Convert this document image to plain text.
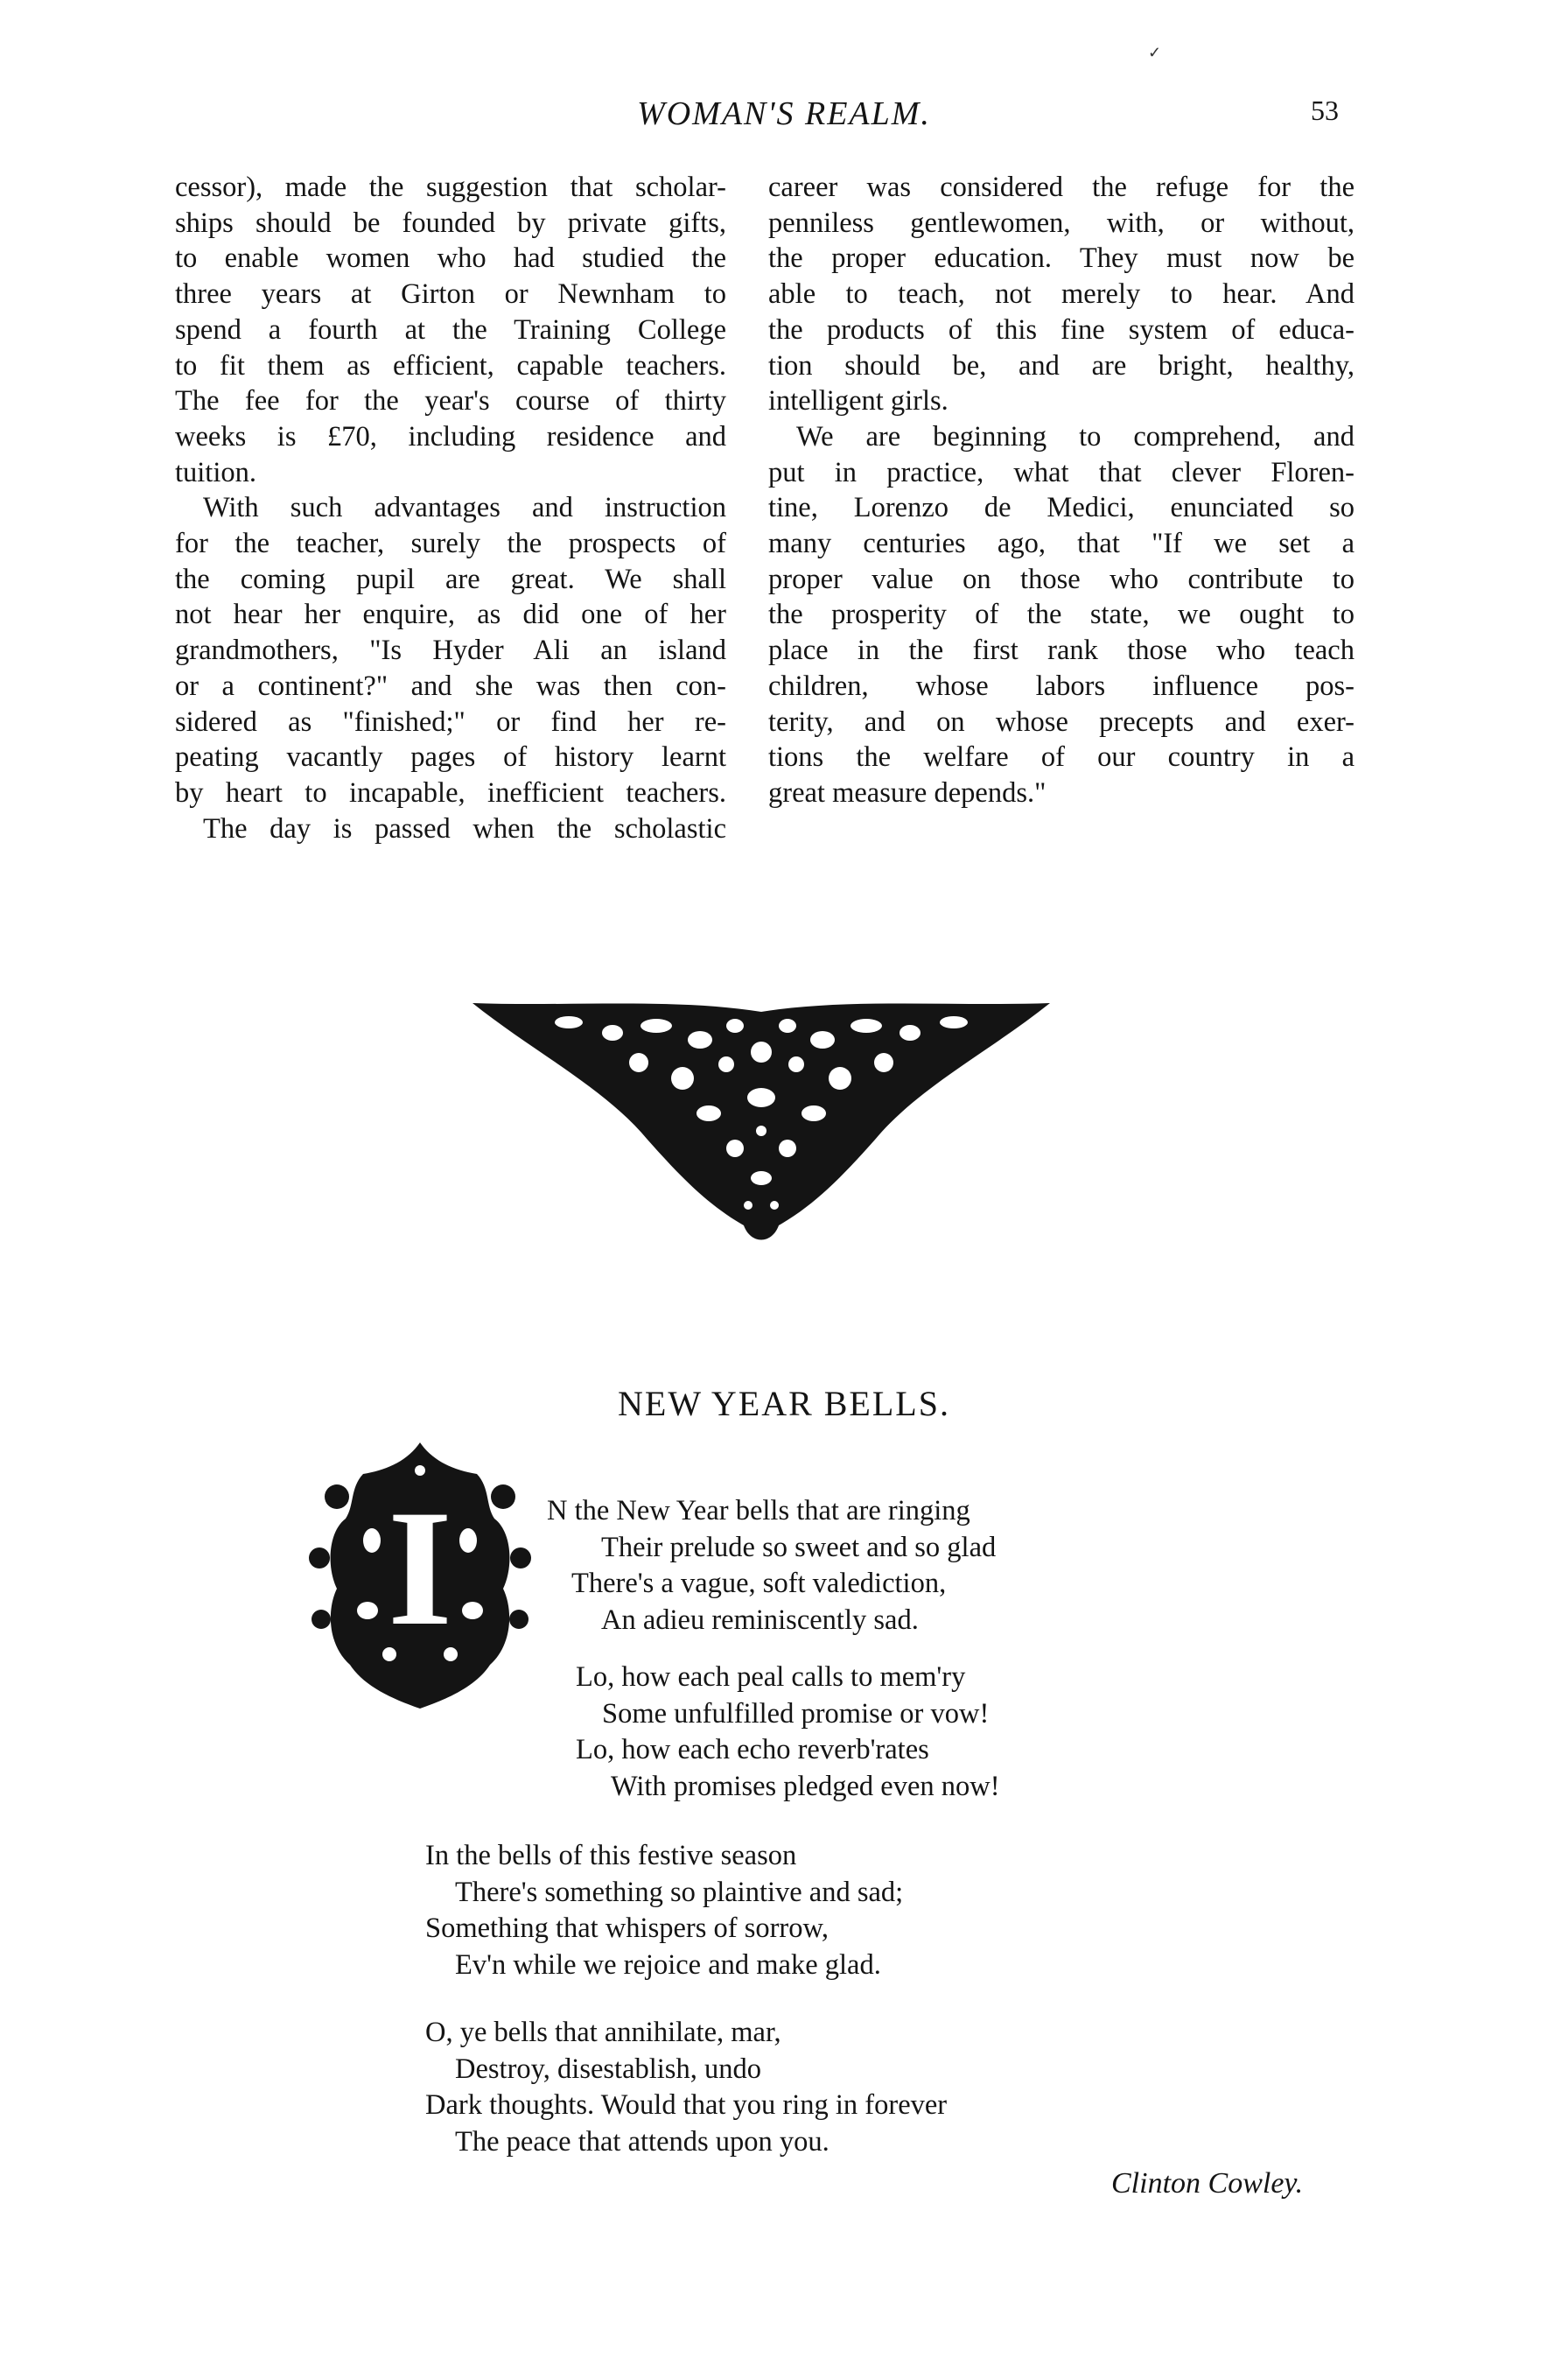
✓
WOMAN'S REALM.	53

cessor), made the suggestion that scholar-
ships should be founded by private gifts,
to enable women who had studied the
three years at Girton or Newnham to
spend a fourth at the Training College
to fit them as efficient, capable teachers.
The fee for the year's course of thirty
weeks is £70, including residence and
tuition.

With such advantages and instruction
for the teacher, surely the prospects of
the coming pupil are great. We shall
not hear her enquire, as did one of her
grandmothers, "Is Hyder Ali an island
or a continent?" and she was then con-
sidered as "finished;" or find her re-
peating vacantly pages of history learnt
by heart to incapable, inefficient teachers.

The day is passed when the scholastic

career was considered the refuge for the
penniless gentlewomen, with, or without,
the proper education. They must now be
able to teach, not merely to hear. And
the products of this fine system of educa-
tion should be, and are bright, healthy,
intelligent girls.

We are beginning to comprehend, and
put in practice, what that clever Floren-
tine, Lorenzo de Medici, enunciated so
many centuries ago, that "If we set a
proper value on those who contribute to
the prosperity of the state, we ought to
place in the first rank those who teach
children, whose labors influence pos-
terity, and on whose precepts and exer-
tions the welfare of our country in a
great measure depends."

NEW YEAR BELLS.
I	N the New Year bells that are ringing
Their prelude so sweet and so glad
There's a vague, soft valediction,
An adieu reminiscently sad.
Lo, how each peal calls to mem'ry
Some unfulfilled promise or vow!
Lo, how each echo reverb'rates
With promises pledged even now!
In the bells of this festive season
There's something so plaintive and sad;
Something that whispers of sorrow,
Ev'n while we rejoice and make glad.
O, ye bells that annihilate, mar,
Destroy, disestablish, undo
Dark thoughts. Would that you ring in forever
The peace that attends upon you.
Clinton Cowley.
